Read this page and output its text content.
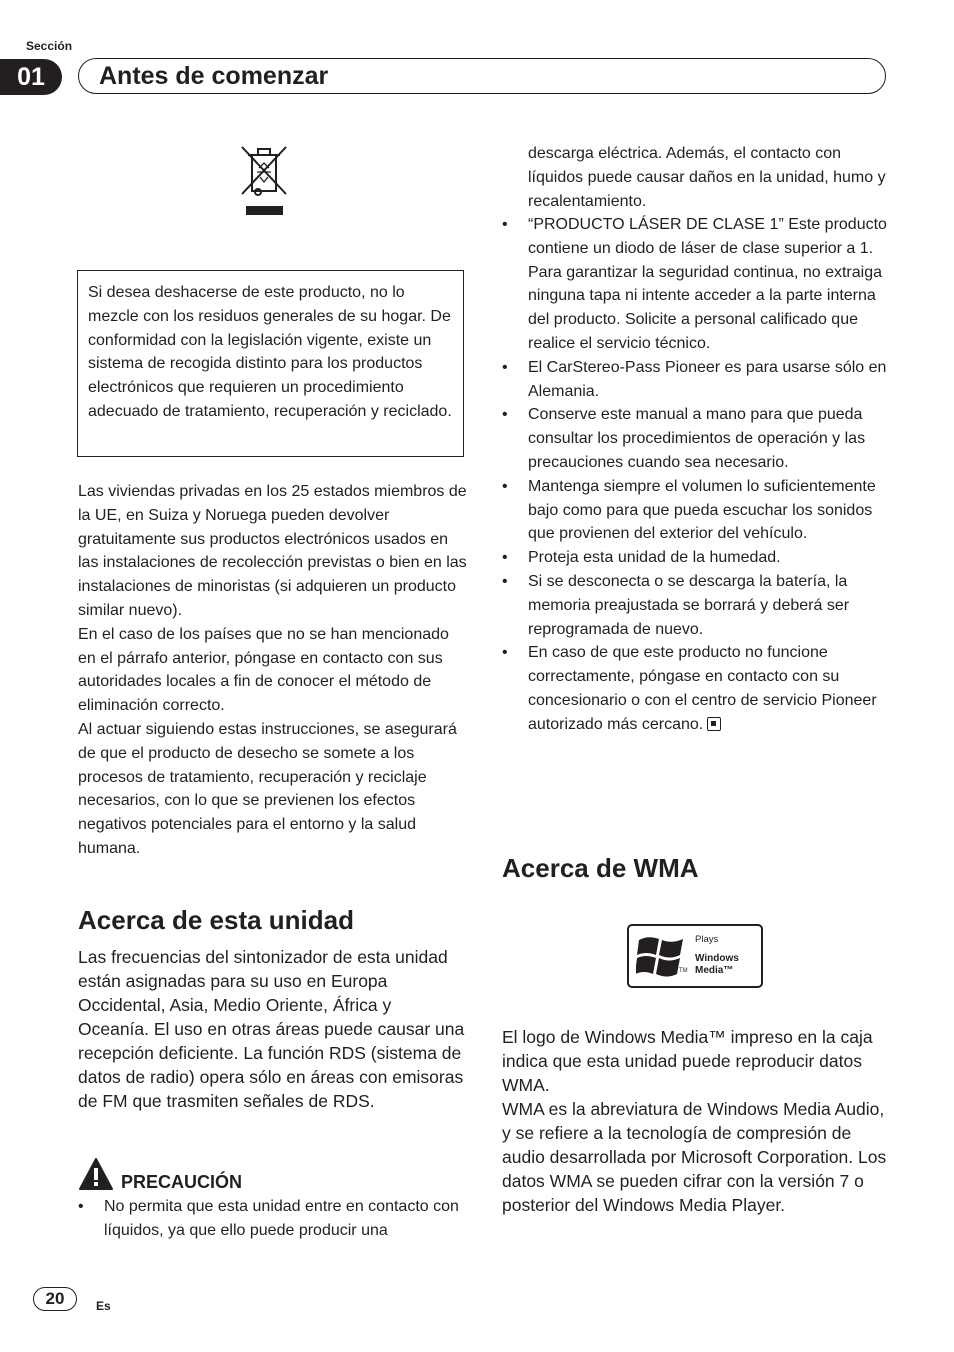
Sección
01	Antes de comenzar
Si desea deshacerse de este producto, no lo mezcle con los residuos generales de su hogar. De conformidad con la legislación vigente, existe un sistema de recogida distinto para los productos electrónicos que requieren un procedimiento adecuado de tratamiento, recuperación y reciclado.
Las viviendas privadas en los 25 estados miembros de la UE, en Suiza y Noruega pueden devolver gratuitamente sus productos electrónicos usados en las instalaciones de recolección previstas o bien en las instalaciones de minoristas (si adquieren un producto similar nuevo).
En el caso de los países que no se han mencionado en el párrafo anterior, póngase en contacto con sus autoridades locales a fin de conocer el método de eliminación correcto.
Al actuar siguiendo estas instrucciones, se asegurará de que el producto de desecho se somete a los procesos de tratamiento, recuperación y reciclaje necesarios, con lo que se previenen los efectos negativos potenciales para el entorno y la salud humana.
Acerca de esta unidad
Las frecuencias del sintonizador de esta unidad están asignadas para su uso en Europa Occidental, Asia, Medio Oriente, África y Oceanía. El uso en otras áreas puede causar una recepción deficiente. La función RDS (sistema de datos de radio) opera sólo en áreas con emisoras de FM que trasmiten señales de RDS.
PRECAUCIÓN
• No permita que esta unidad entre en contacto con líquidos, ya que ello puede producir una
descarga eléctrica. Además, el contacto con líquidos puede causar daños en la unidad, humo y recalentamiento.
• “PRODUCTO LÁSER DE CLASE 1” Este producto contiene un diodo de láser de clase superior a 1. Para garantizar la seguridad continua, no extraiga ninguna tapa ni intente acceder a la parte interna del producto. Solicite a personal calificado que realice el servicio técnico.
• El CarStereo-Pass Pioneer es para usarse sólo en Alemania.
• Conserve este manual a mano para que pueda consultar los procedimientos de operación y las precauciones cuando sea necesario.
• Mantenga siempre el volumen lo suficientemente bajo como para que pueda escuchar los sonidos que provienen del exterior del vehículo.
• Proteja esta unidad de la humedad.
• Si se desconecta o se descarga la batería, la memoria preajustada se borrará y deberá ser reprogramada de nuevo.
• En caso de que este producto no funcione correctamente, póngase en contacto con su concesionario o con el centro de servicio Pioneer autorizado más cercano.
Acerca de WMA
TM
Plays
Windows
Media™
El logo de Windows Media™ impreso en la caja indica que esta unidad puede reproducir datos WMA.
WMA es la abreviatura de Windows Media Audio, y se refiere a la tecnología de compresión de audio desarrollada por Microsoft Corporation. Los datos WMA se pueden cifrar con la versión 7 o posterior del Windows Media Player.
20	Es
